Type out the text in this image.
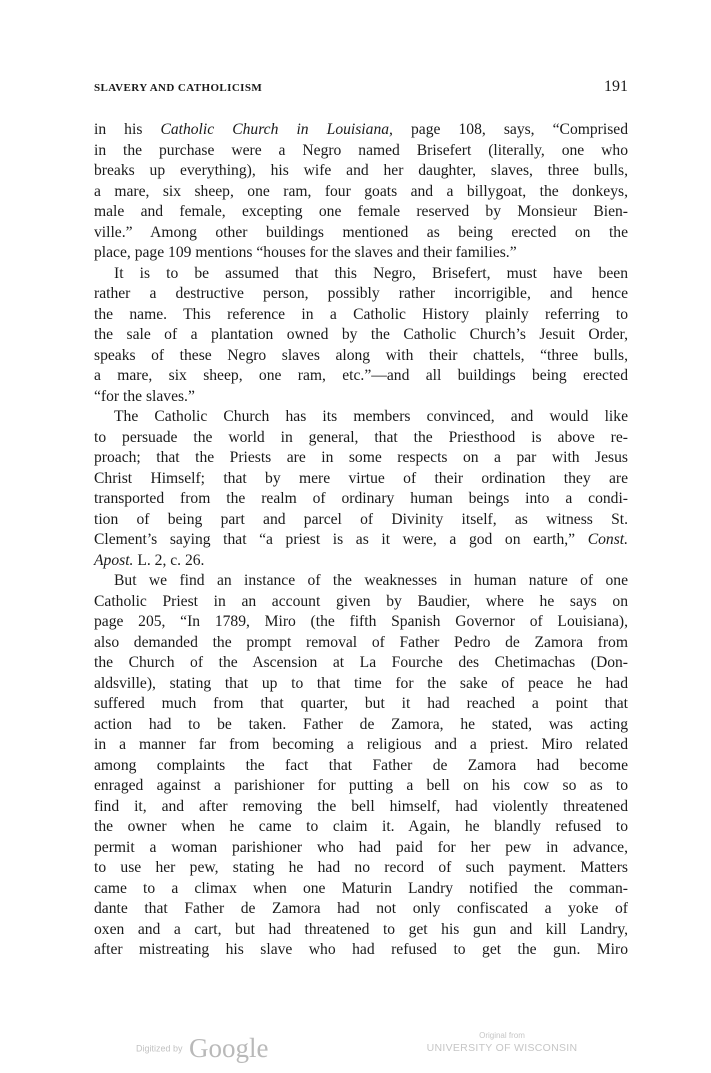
SLAVERY AND CATHOLICISM	191
in his Catholic Church in Louisiana, page 108, says, “Comprised
in the purchase were a Negro named Brisefert (literally, one who
breaks up everything), his wife and her daughter, slaves, three bulls,
a mare, six sheep, one ram, four goats and a billygoat, the donkeys,
male and female, excepting one female reserved by Monsieur Bien-
ville.” Among other buildings mentioned as being erected on the
place, page 109 mentions “houses for the slaves and their families.”
It is to be assumed that this Negro, Brisefert, must have been
rather a destructive person, possibly rather incorrigible, and hence
the name. This reference in a Catholic History plainly referring to
the sale of a plantation owned by the Catholic Church’s Jesuit Order,
speaks of these Negro slaves along with their chattels, “three bulls,
a mare, six sheep, one ram, etc.”—and all buildings being erected
“for the slaves.”
The Catholic Church has its members convinced, and would like
to persuade the world in general, that the Priesthood is above re-
proach; that the Priests are in some respects on a par with Jesus
Christ Himself; that by mere virtue of their ordination they are
transported from the realm of ordinary human beings into a condi-
tion of being part and parcel of Divinity itself, as witness St.
Clement’s saying that “a priest is as it were, a god on earth,” Const.
Apost. L. 2, c. 26.
But we find an instance of the weaknesses in human nature of one
Catholic Priest in an account given by Baudier, where he says on
page 205, “In 1789, Miro (the fifth Spanish Governor of Louisiana),
also demanded the prompt removal of Father Pedro de Zamora from
the Church of the Ascension at La Fourche des Chetimachas (Don-
aldsville), stating that up to that time for the sake of peace he had
suffered much from that quarter, but it had reached a point that
action had to be taken. Father de Zamora, he stated, was acting
in a manner far from becoming a religious and a priest. Miro related
among complaints the fact that Father de Zamora had become
enraged against a parishioner for putting a bell on his cow so as to
find it, and after removing the bell himself, had violently threatened
the owner when he came to claim it. Again, he blandly refused to
permit a woman parishioner who had paid for her pew in advance,
to use her pew, stating he had no record of such payment. Matters
came to a climax when one Maturin Landry notified the comman-
dante that Father de Zamora had not only confiscated a yoke of
oxen and a cart, but had threatened to get his gun and kill Landry,
after mistreating his slave who had refused to get the gun. Miro
Digitized by Google	Original from
UNIVERSITY OF WISCONSIN
